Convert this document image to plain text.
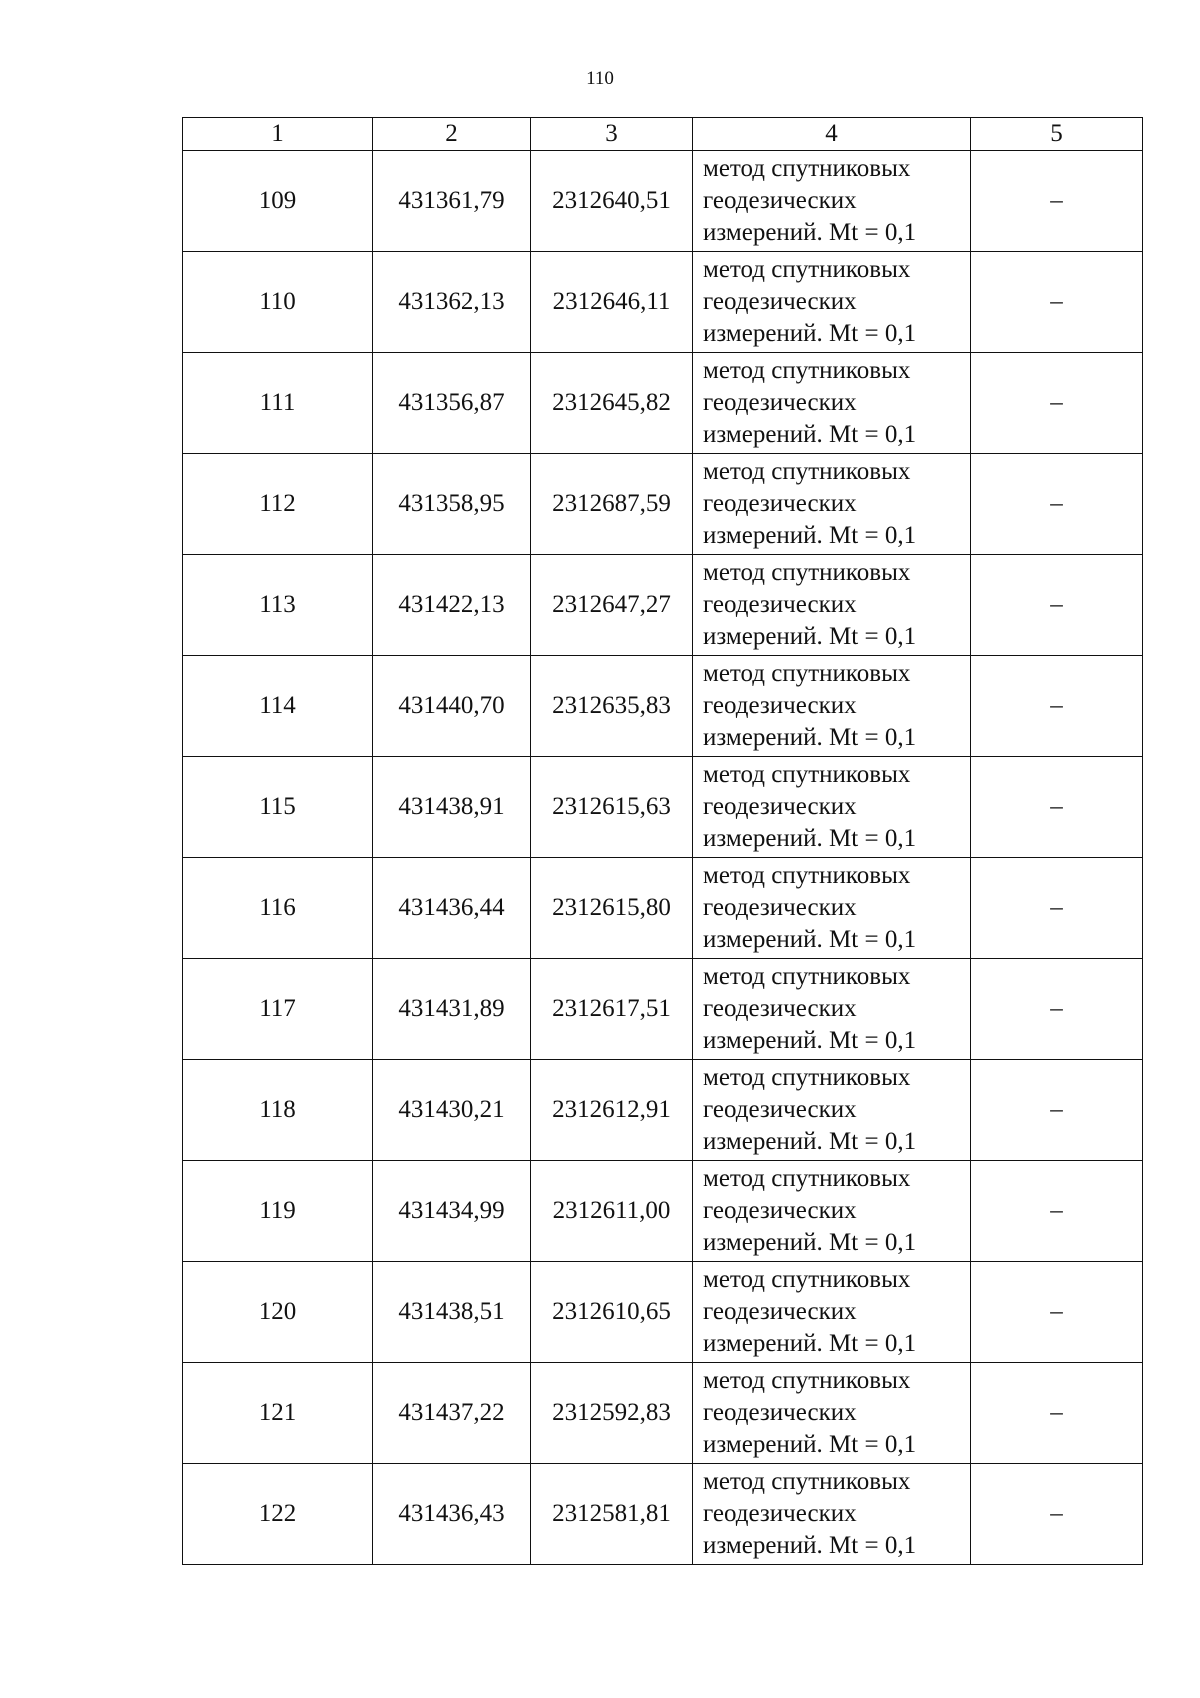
110
1	2	3	4	5
109	431361,79	2312640,51	метод спутниковых
геодезических
измерений. Mt = 0,1	–
110	431362,13	2312646,11	метод спутниковых
геодезических
измерений. Mt = 0,1	–
111	431356,87	2312645,82	метод спутниковых
геодезических
измерений. Mt = 0,1	–
112	431358,95	2312687,59	метод спутниковых
геодезических
измерений. Mt = 0,1	–
113	431422,13	2312647,27	метод спутниковых
геодезических
измерений. Mt = 0,1	–
114	431440,70	2312635,83	метод спутниковых
геодезических
измерений. Mt = 0,1	–
115	431438,91	2312615,63	метод спутниковых
геодезических
измерений. Mt = 0,1	–
116	431436,44	2312615,80	метод спутниковых
геодезических
измерений. Mt = 0,1	–
117	431431,89	2312617,51	метод спутниковых
геодезических
измерений. Mt = 0,1	–
118	431430,21	2312612,91	метод спутниковых
геодезических
измерений. Mt = 0,1	–
119	431434,99	2312611,00	метод спутниковых
геодезических
измерений. Mt = 0,1	–
120	431438,51	2312610,65	метод спутниковых
геодезических
измерений. Mt = 0,1	–
121	431437,22	2312592,83	метод спутниковых
геодезических
измерений. Mt = 0,1	–
122	431436,43	2312581,81	метод спутниковых
геодезических
измерений. Mt = 0,1	–
